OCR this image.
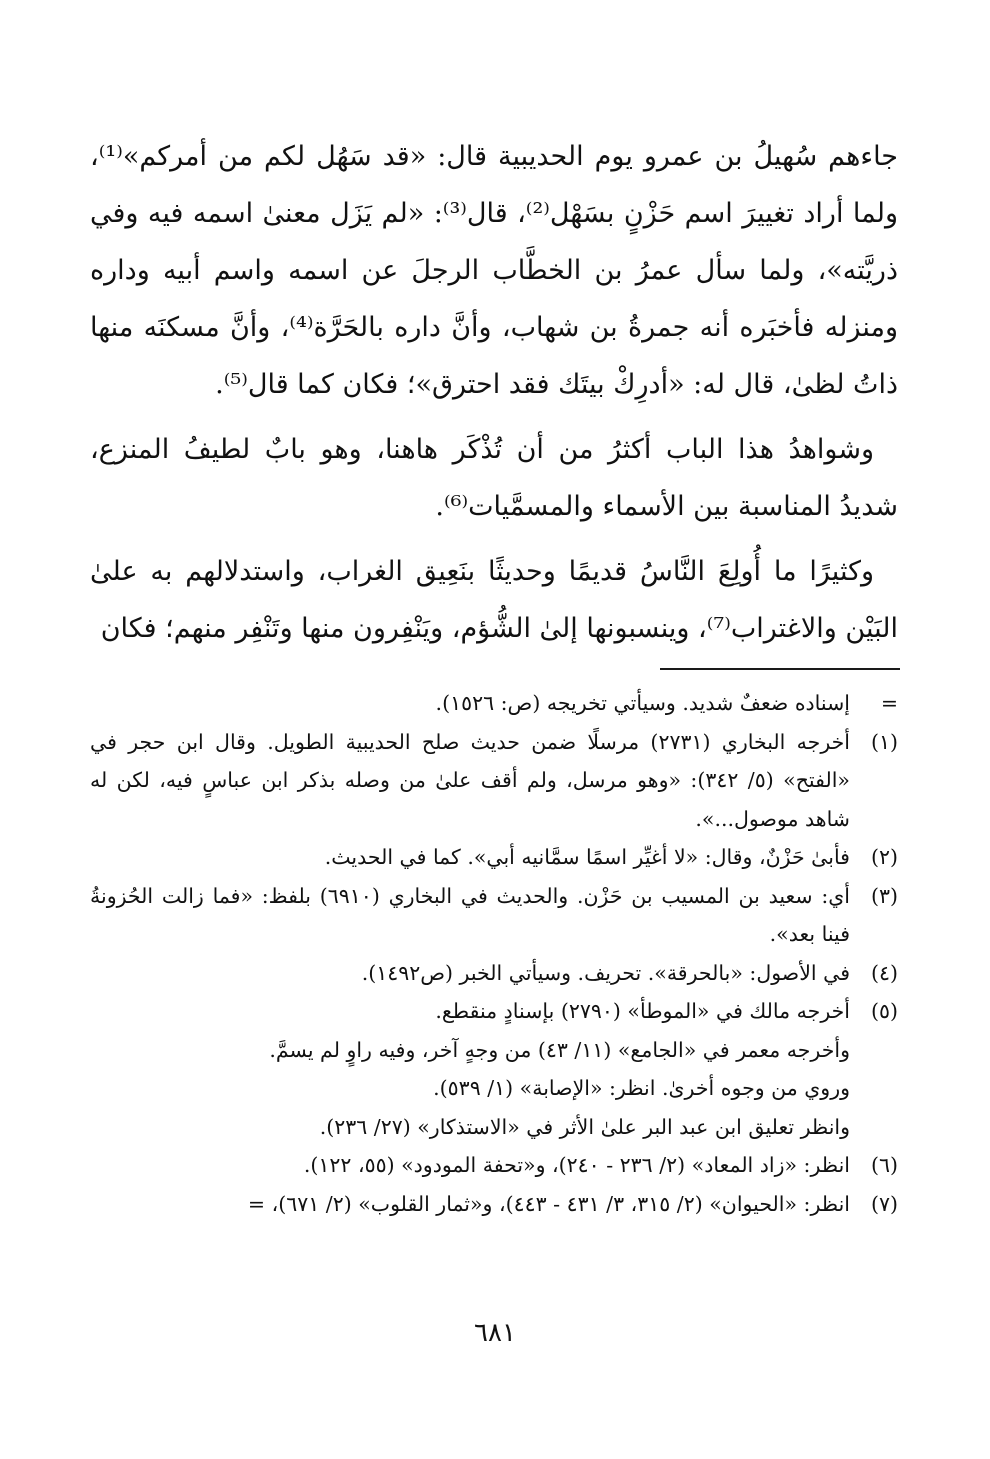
جاءهم سُهيلُ بن عمرو يوم الحديبية قال: «قد سَهُل لكم من أمركم»⁽¹⁾، ولما أراد تغييرَ اسم حَزْنٍ بسَهْل⁽²⁾، قال⁽³⁾: «لم يَزَل معنىٰ اسمه فيه وفي ذريَّته»، ولما سأل عمرُ بن الخطَّاب الرجلَ عن اسمه واسم أبيه وداره ومنزله فأخبَره أنه جمرةُ بن شهاب، وأنَّ داره بالحَرَّة⁽⁴⁾، وأنَّ مسكنَه منها ذاتُ لظىٰ، قال له: «أدرِكْ بيتَك فقد احترق»؛ فكان كما قال⁽⁵⁾.

وشواهدُ هذا الباب أكثرُ من أن تُذْكَر هاهنا، وهو بابٌ لطيفُ المنزع، شديدُ المناسبة بين الأسماء والمسمَّيات⁽⁶⁾.

وكثيرًا ما أُولِعَ النَّاسُ قديمًا وحديثًا بنَعِيق الغراب، واستدلالهم به علىٰ البَيْن والاغتراب⁽⁷⁾، وينسبونها إلىٰ الشُّؤم، ويَنْفِرون منها وتَنْفِر منهم؛ فكان

=
إسناده ضعفٌ شديد. وسيأتي تخريجه (ص: ١٥٢٦).
(١)
أخرجه البخاري (٢٧٣١) مرسلًا ضمن حديث صلح الحديبية الطويل. وقال ابن حجر في «الفتح» (٥/ ٣٤٢): «وهو مرسل، ولم أقف علىٰ من وصله بذكر ابن عباسٍ فيه، لكن له شاهد موصول...».
(٢)
فأبىٰ حَزْنٌ، وقال: «لا أغيِّر اسمًا سمَّانيه أبي». كما في الحديث.
(٣)
أي: سعيد بن المسيب بن حَزْن. والحديث في البخاري (٦٩١٠) بلفظ: «فما زالت الحُزونةُ فينا بعد».
(٤)
في الأصول: «بالحرقة». تحريف. وسيأتي الخبر (ص١٤٩٢).
(٥)
أخرجه مالك في «الموطأ» (٢٧٩٠) بإسنادٍ منقطع.
وأخرجه معمر في «الجامع» (١١/ ٤٣) من وجهٍ آخر، وفيه راوٍ لم يسمَّ.
وروي من وجوه أخرىٰ. انظر: «الإصابة» (١/ ٥٣٩).
وانظر تعليق ابن عبد البر علىٰ الأثر في «الاستذكار» (٢٧/ ٢٣٦).
(٦)
انظر: «زاد المعاد» (٢/ ٢٣٦ - ٢٤٠)، و«تحفة المودود» (٥٥، ١٢٢).
(٧)
انظر: «الحيوان» (٢/ ٣١٥، ٣/ ٤٣١ - ٤٤٣)، و«ثمار القلوب» (٢/ ٦٧١)، =
٦٨١
